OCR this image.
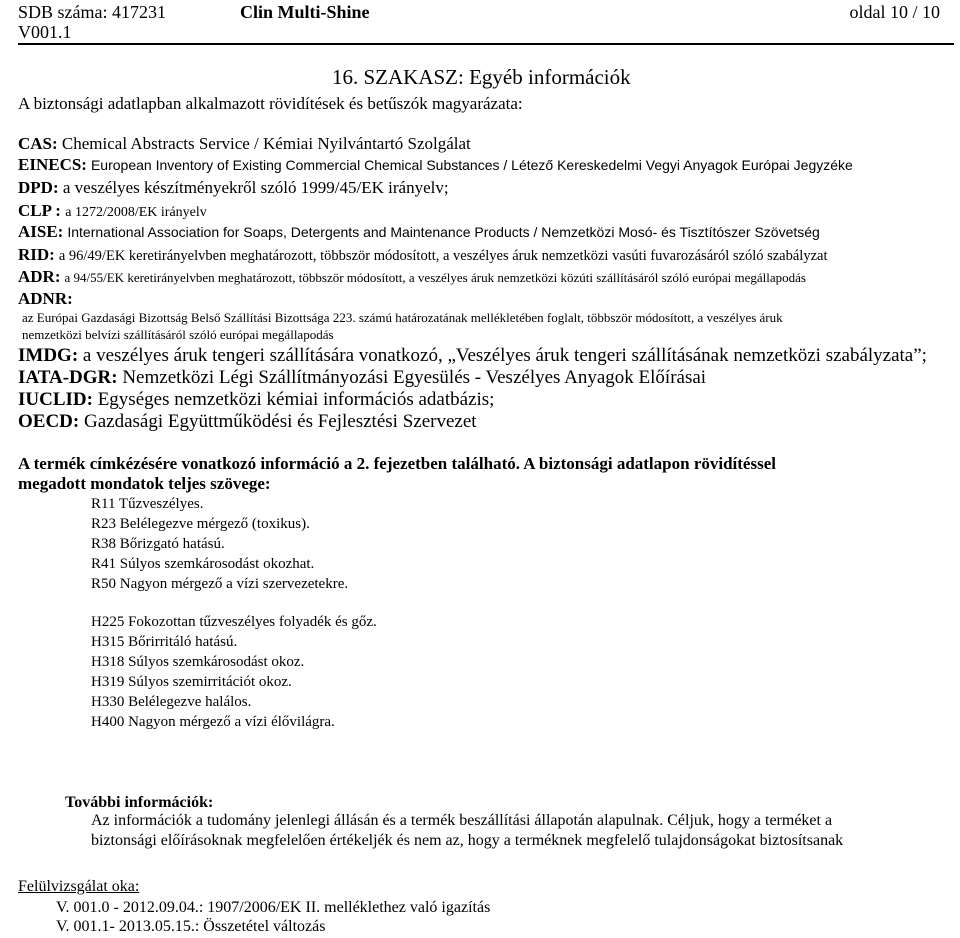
SDB száma: 417231
V001.1
Clin Multi-Shine	oldal 10 / 10
16. SZAKASZ: Egyéb információk
A biztonsági adatlapban alkalmazott rövidítések és betűszók magyarázata:
CAS: Chemical Abstracts Service / Kémiai Nyilvántartó Szolgálat
EINECS: European Inventory of Existing Commercial Chemical Substances / Létező Kereskedelmi Vegyi Anyagok Európai Jegyzéke
DPD: a veszélyes készítményekről szóló 1999/45/EK irányelv;
CLP : a 1272/2008/EK irányelv
AISE: International Association for Soaps, Detergents and Maintenance Products / Nemzetközi Mosó- és Tisztítószer Szövetség
RID: a 96/49/EK keretirányelvben meghatározott, többször módosított, a veszélyes áruk nemzetközi vasúti fuvarozásáról szóló szabályzat
ADR: a 94/55/EK keretirányelvben meghatározott, többször módosított, a veszélyes áruk nemzetközi közúti szállításáról szóló európai megállapodás
ADNR:
az Európai Gazdasági Bizottság Belső Szállítási Bizottsága 223. számú határozatának mellékletében foglalt, többször módosított, a veszélyes áruk
nemzetközi belvízi szállításáról szóló európai megállapodás
IMDG: a veszélyes áruk tengeri szállítására vonatkozó, „Veszélyes áruk tengeri szállításának nemzetközi szabályzata”;
IATA-DGR: Nemzetközi Légi Szállítmányozási Egyesülés - Veszélyes Anyagok Előírásai
IUCLID: Egységes nemzetközi kémiai információs adatbázis;
OECD: Gazdasági Együttműködési és Fejlesztési Szervezet
A termék címkézésére vonatkozó információ a 2. fejezetben található. A biztonsági adatlapon rövidítéssel
megadott mondatok teljes szövege:
R11 Tűzveszélyes.
R23 Belélegezve mérgező (toxikus).
R38 Bőrizgató hatású.
R41 Súlyos szemkárosodást okozhat.
R50 Nagyon mérgező a vízi szervezetekre.
H225 Fokozottan tűzveszélyes folyadék és gőz.
H315 Bőrirritáló hatású.
H318 Súlyos szemkárosodást okoz.
H319 Súlyos szemirritációt okoz.
H330 Belélegezve halálos.
H400 Nagyon mérgező a vízi élővilágra.
További információk:
Az információk a tudomány jelenlegi állásán és a termék beszállítási állapotán alapulnak. Céljuk, hogy a terméket a
biztonsági előírásoknak megfelelően értékeljék és nem az, hogy a terméknek megfelelő tulajdonságokat biztosítsanak
Felülvizsgálat oka:
V. 001.0 - 2012.09.04.: 1907/2006/EK II. melléklethez való igazítás
V. 001.1- 2013.05.15.: Összetétel változás
